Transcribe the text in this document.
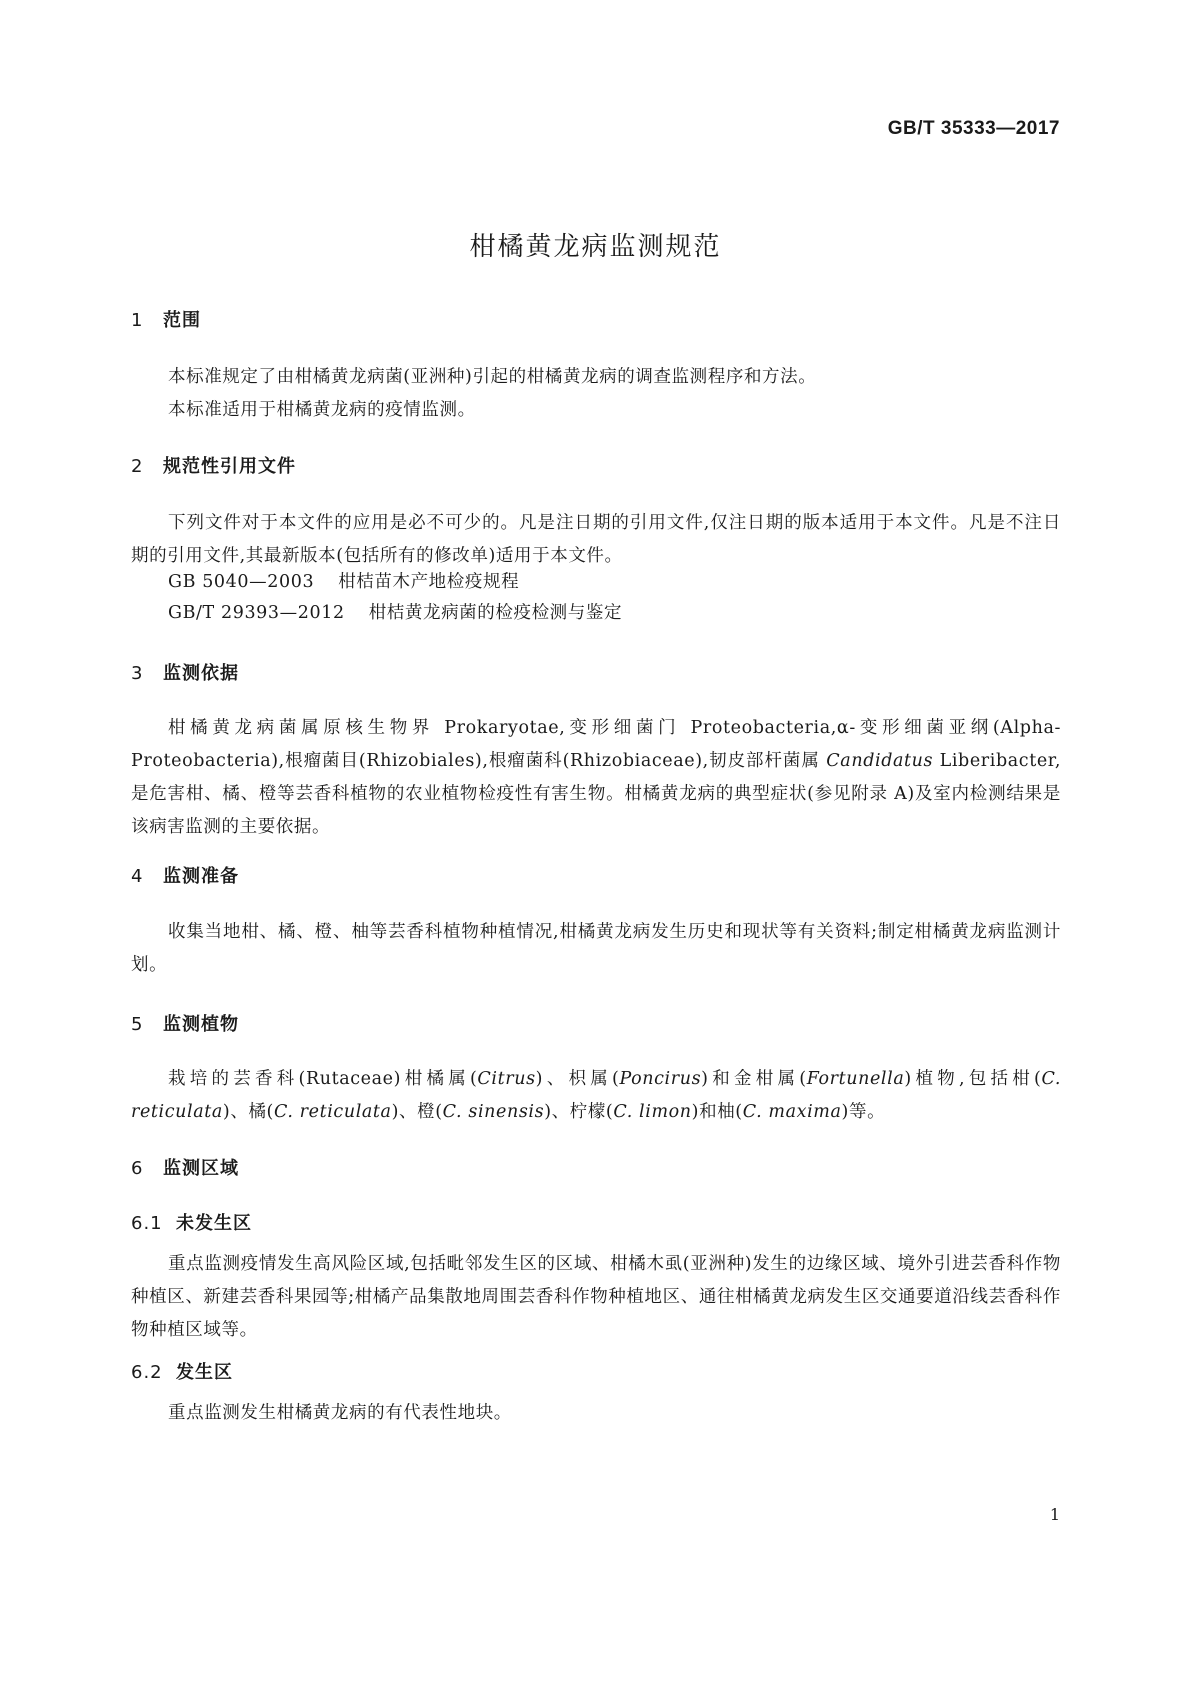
GB/T 35333—2017
柑橘黄龙病监测规范
1 范围

本标准规定了由柑橘黄龙病菌(亚洲种)引起的柑橘黄龙病的调查监测程序和方法。

本标准适用于柑橘黄龙病的疫情监测。

2 规范性引用文件

下列文件对于本文件的应用是必不可少的。凡是注日期的引用文件,仅注日期的版本适用于本文件。凡是不注日期的引用文件,其最新版本(包括所有的修改单)适用于本文件。

GB 5040—2003 柑桔苗木产地检疫规程
GB/T 29393—2012 柑桔黄龙病菌的检疫检测与鉴定
3 监测依据

柑橘黄龙病菌属原核生物界 Prokaryotae,变形细菌门 Proteobacteria,α-变形细菌亚纲(Alpha-Proteobacteria),根瘤菌目(Rhizobiales),根瘤菌科(Rhizobiaceae),韧皮部杆菌属 Candidatus Liberibacter,是危害柑、橘、橙等芸香科植物的农业植物检疫性有害生物。柑橘黄龙病的典型症状(参见附录 A)及室内检测结果是该病害监测的主要依据。

4 监测准备

收集当地柑、橘、橙、柚等芸香科植物种植情况,柑橘黄龙病发生历史和现状等有关资料;制定柑橘黄龙病监测计划。

5 监测植物

栽培的芸香科(Rutaceae)柑橘属(Citrus)、枳属(Poncirus)和金柑属(Fortunella)植物,包括柑(C. reticulata)、橘(C. reticulata)、橙(C. sinensis)、柠檬(C. limon)和柚(C. maxima)等。

6 监测区域
6.1 未发生区

重点监测疫情发生高风险区域,包括毗邻发生区的区域、柑橘木虱(亚洲种)发生的边缘区域、境外引进芸香科作物种植区、新建芸香科果园等;柑橘产品集散地周围芸香科作物种植地区、通往柑橘黄龙病发生区交通要道沿线芸香科作物种植区域等。

6.2 发生区

重点监测发生柑橘黄龙病的有代表性地块。

1
